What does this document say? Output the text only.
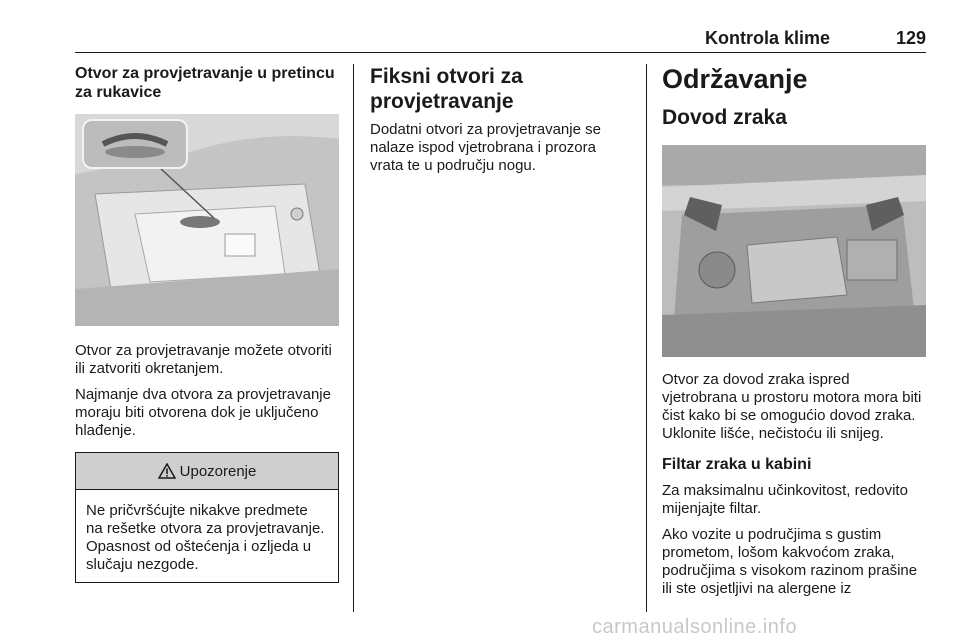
Kontrola klime	129
Otvor za provjetravanje u pretincu za rukavice

Otvor za provjetravanje možete otvoriti ili zatvoriti okretanjem.

Najmanje dva otvora za provjetravanje moraju biti otvorena dok je uključeno hlađenje.

Upozorenje

Ne pričvršćujte nikakve predmete na rešetke otvora za provjetravanje. Opasnost od oštećenja i ozljeda u slučaju nezgode.

Fiksni otvori za provjetravanje

Dodatni otvori za provjetravanje se nalaze ispod vjetrobrana i prozora vrata te u području nogu.

Održavanje
Dovod zraka

Otvor za dovod zraka ispred vjetrobrana u prostoru motora mora biti čist kako bi se omogućio dovod zraka. Uklonite lišće, nečistoću ili snijeg.

Filtar zraka u kabini

Za maksimalnu učinkovitost, redovito mijenjajte filtar.

Ako vozite u područjima s gustim prometom, lošom kakvoćom zraka, područjima s visokom razinom prašine ili ste osjetljivi na alergene iz

carmanualsonline.info
